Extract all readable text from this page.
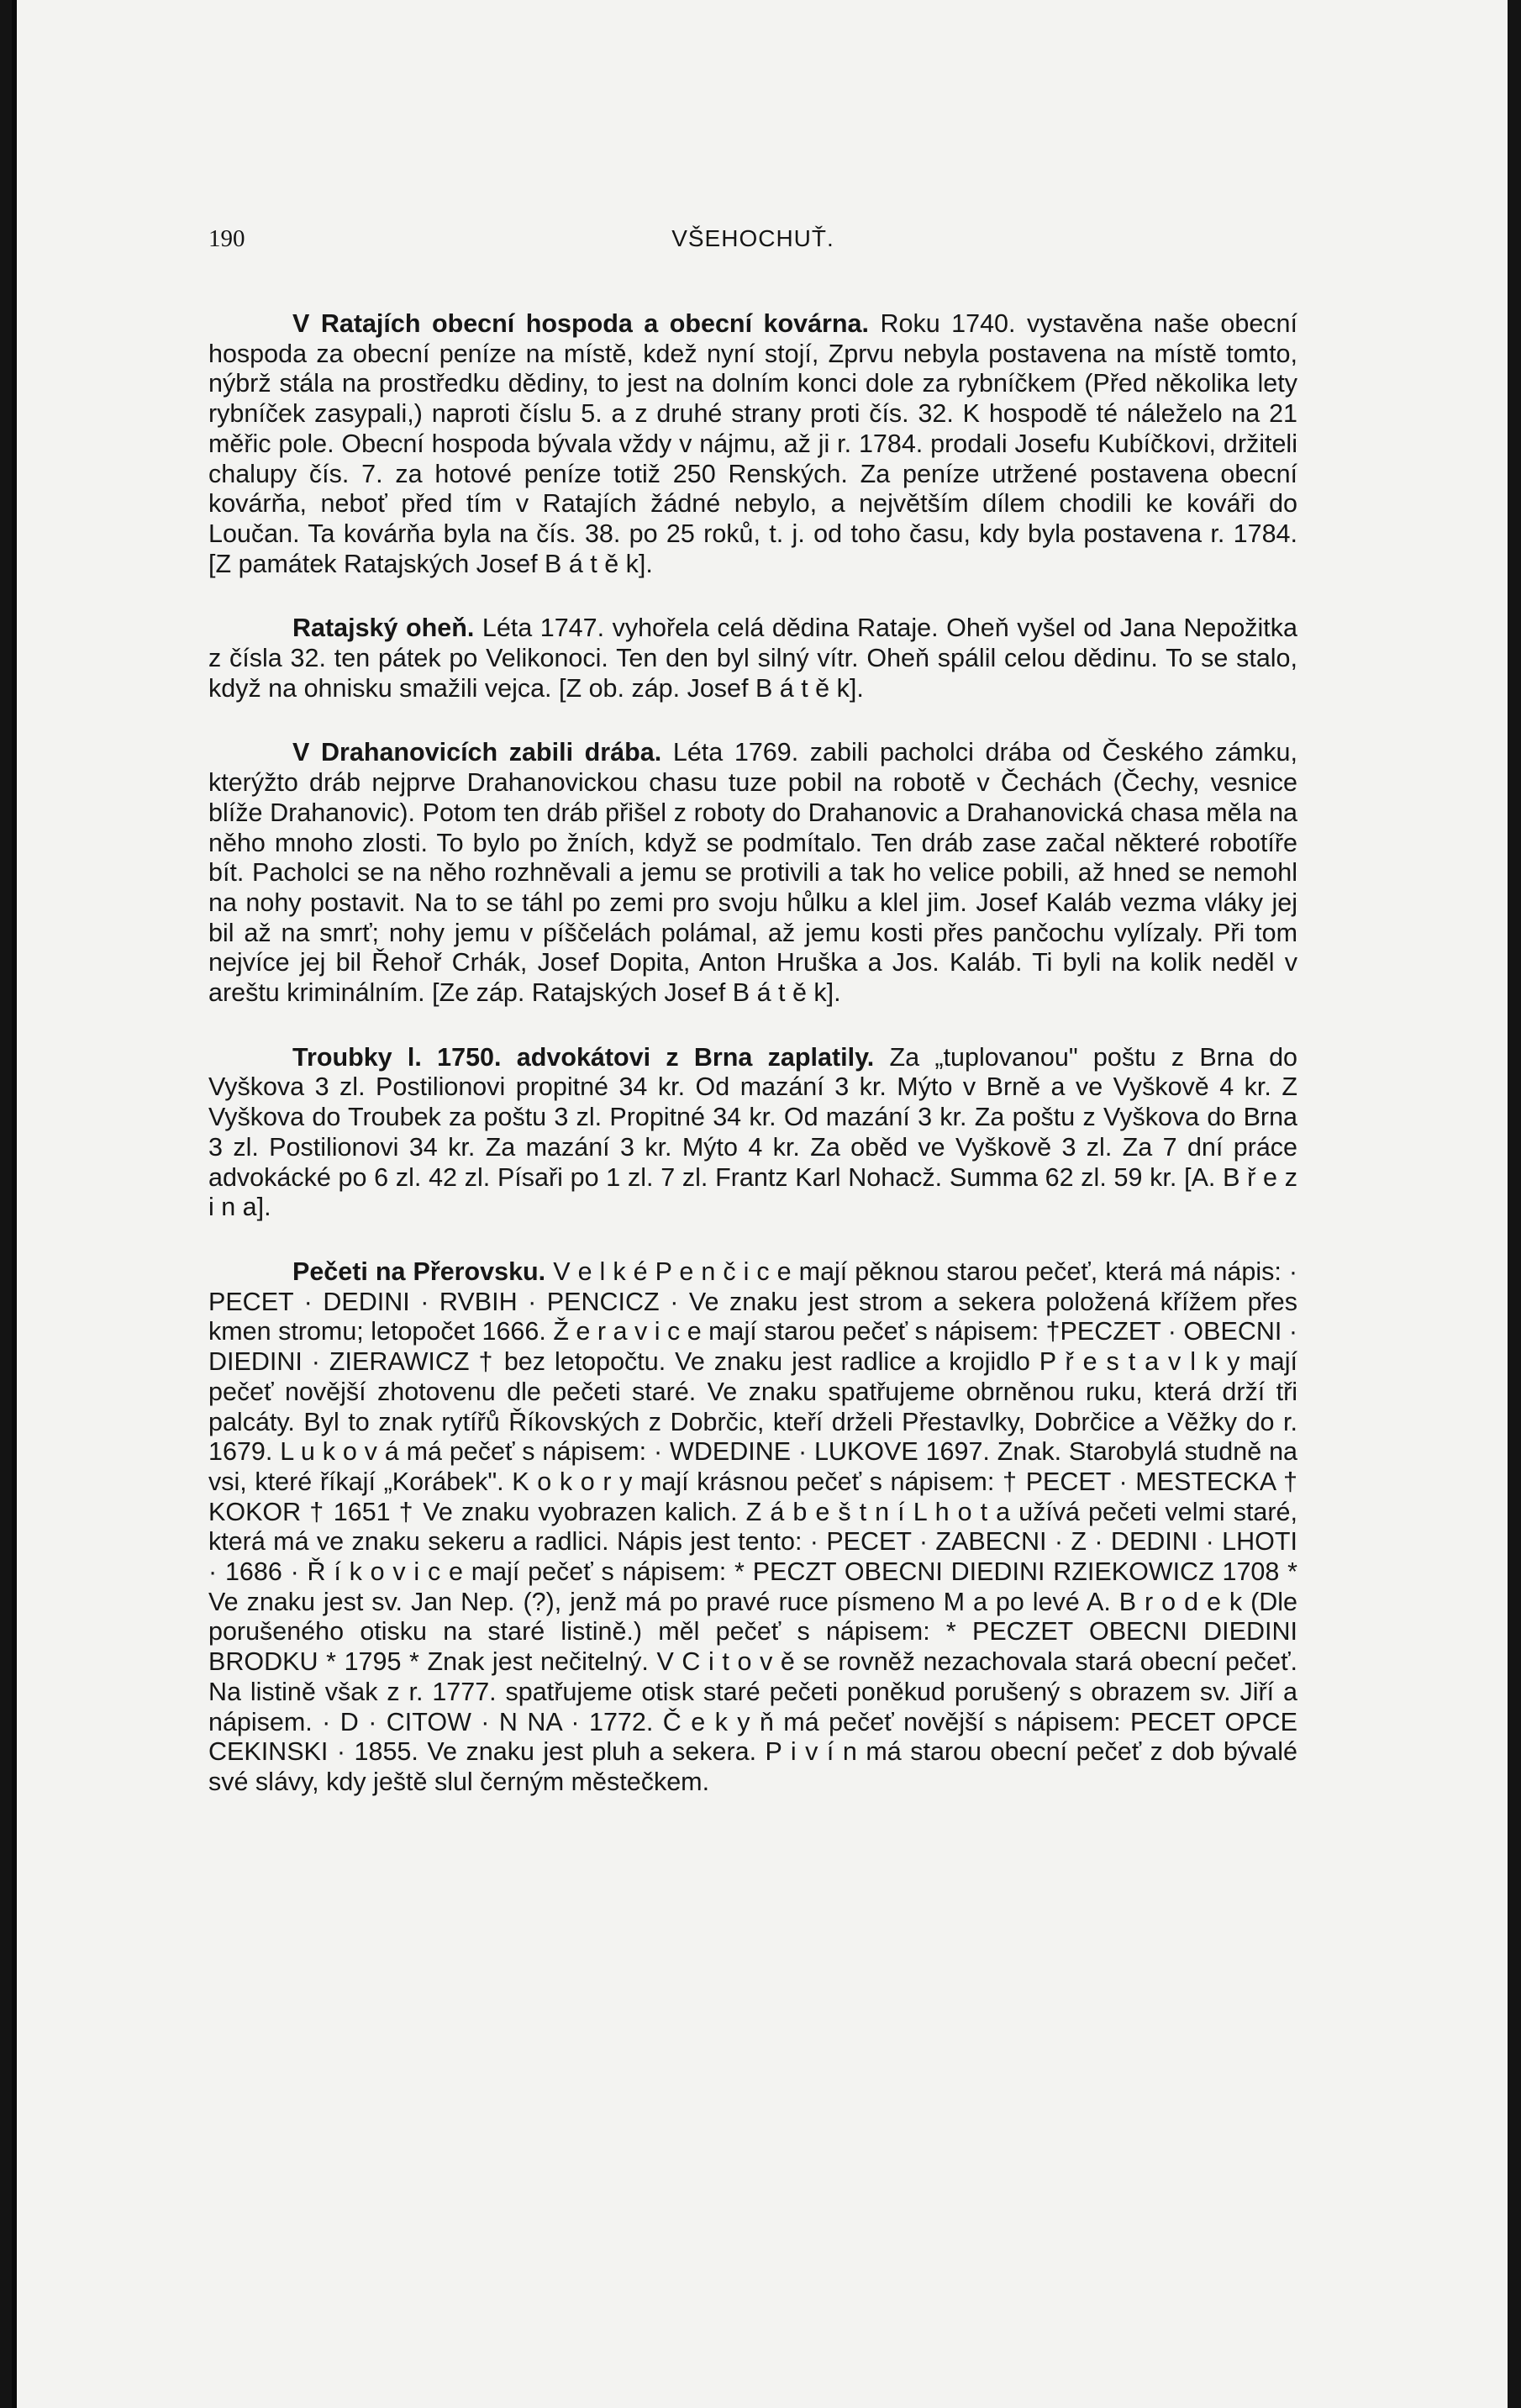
190	VŠEHOCHUŤ.

V Ratajích obecní hospoda a obecní kovárna. Roku 1740. vystavěna naše obecní hospoda za obecní peníze na místě, kdež nyní stojí, Zprvu nebyla postavena na místě tomto, nýbrž stála na prostředku dědiny, to jest na dolním konci dole za rybníčkem (Před několika lety rybníček zasypali,) naproti číslu 5. a z druhé strany proti čís. 32. K hospodě té náleželo na 21 měřic pole. Obecní hospoda bývala vždy v nájmu, až ji r. 1784. prodali Josefu Kubíčkovi, držiteli chalupy čís. 7. za hotové peníze totiž 250 Renských. Za peníze utržené postavena obecní kovárňa, neboť před tím v Ratajích žádné nebylo, a největším dílem chodili ke kováři do Loučan. Ta kovárňa byla na čís. 38. po 25 roků, t. j. od toho času, kdy byla postavena r. 1784. [Z památek Ratajských Josef B á t ě k].

Ratajský oheň. Léta 1747. vyhořela celá dědina Rataje. Oheň vyšel od Jana Nepožitka z čísla 32. ten pátek po Velikonoci. Ten den byl silný vítr. Oheň spálil celou dědinu. To se stalo, když na ohnisku smažili vejca. [Z ob. záp. Josef B á t ě k].

V Drahanovicích zabili drába. Léta 1769. zabili pacholci drába od Českého zámku, kterýžto dráb nejprve Drahanovickou chasu tuze pobil na robotě v Čechách (Čechy, vesnice blíže Drahanovic). Potom ten dráb přišel z roboty do Drahanovic a Drahanovická chasa měla na něho mnoho zlosti. To bylo po žních, když se podmítalo. Ten dráb zase začal některé robotíře bít. Pacholci se na něho rozhněvali a jemu se protivili a tak ho velice pobili, až hned se nemohl na nohy postavit. Na to se táhl po zemi pro svoju hůlku a klel jim. Josef Kaláb vezma vlákу jej bil až na smrť; nohy jemu v píščelách polámal, až jemu kosti přes pančochu vylízaly. Při tom nejvíce jej bil Řehoř Crhák, Josef Dopita, Anton Hruška a Jos. Kaláb. Ti byli na kolik neděl v areštu kriminálním. [Ze záp. Ratajských Josef B á t ě k].

Troubky l. 1750. advokátovi z Brna zaplatily. Za „tuplovanou" poštu z Brna do Vyškova 3 zl. Postilionovi propitné 34 kr. Od mazání 3 kr. Mýto v Brně a ve Vyškově 4 kr. Z Vyškova do Troubek za poštu 3 zl. Propitné 34 kr. Od mazání 3 kr. Za poštu z Vyškova do Brna 3 zl. Postilionovi 34 kr. Za mazání 3 kr. Mýto 4 kr. Za oběd ve Vyškově 3 zl. Za 7 dní práce advokácké po 6 zl. 42 zl. Písaři po 1 zl. 7 zl. Frantz Karl Nohacž. Summa 62 zl. 59 kr. [A. B ř e z i n a].

Pečeti na Přerovsku. V e l k é P e n č i c e mají pěknou starou pečeť, která má nápis: · PECET · DEDINI · RVBIH · PENCICZ · Ve znaku jest strom a sekera položená křížem přes kmen stromu; letopočet 1666. Ž e r a v i c e mají starou pečeť s nápisem: †PECZET · OBECNI · DIEDINI · ZIERAWICZ † bez letopočtu. Ve znaku jest radlice a krojidlo P ř e s t a v l k y mají pečeť novější zhotovenu dle pečeti staré. Ve znaku spatřujeme obrněnou ruku, která drží tři palcáty. Byl to znak rytířů Říkovských z Dobrčic, kteří drželi Přestavlky, Dobrčice a Věžky do r. 1679. L u k o v á má pečeť s nápisem: · WDEDINE · LUKOVE 1697. Znak. Starobylá studně na vsi, které říkají „Korábek". K o k o r y mají krásnou pečeť s nápisem: † PECET · MESTECKA † KOKOR † 1651 † Ve znaku vyobrazen kalich. Z á b e š t n í L h o t a užívá pečeti velmi staré, která má ve znaku sekeru a radlici. Nápis jest tento: · PECET · ZABECNI · Z · DEDINI · LHOTI · 1686 · Ř í k o v i c e mají pečeť s nápisem: * PECZT OBECNI DIEDINI RZIEKOWICZ 1708 * Ve znaku jest sv. Jan Nep. (?), jenž má po pravé ruce písmeno M a po levé A. B r o d e k (Dle porušeného otisku na staré listině.) měl pečeť s nápisem: * PECZET OBECNI DIEDINI BRODKU * 1795 * Znak jest nečitelný. V C i t o v ě se rovněž nezachovala stará obecní pečeť. Na listině však z r. 1777. spatřujeme otisk staré pečeti poněkud porušený s obrazem sv. Jiří a nápisem. · D · CITOW · N NA · 1772. Č e k y ň má pečeť novější s nápisem: PECET OPCE CEKINSKI · 1855. Ve znaku jest pluh a sekera. P i v í n má starou obecní pečeť z dob bývalé své slávy, kdy ještě slul černým městečkem.
